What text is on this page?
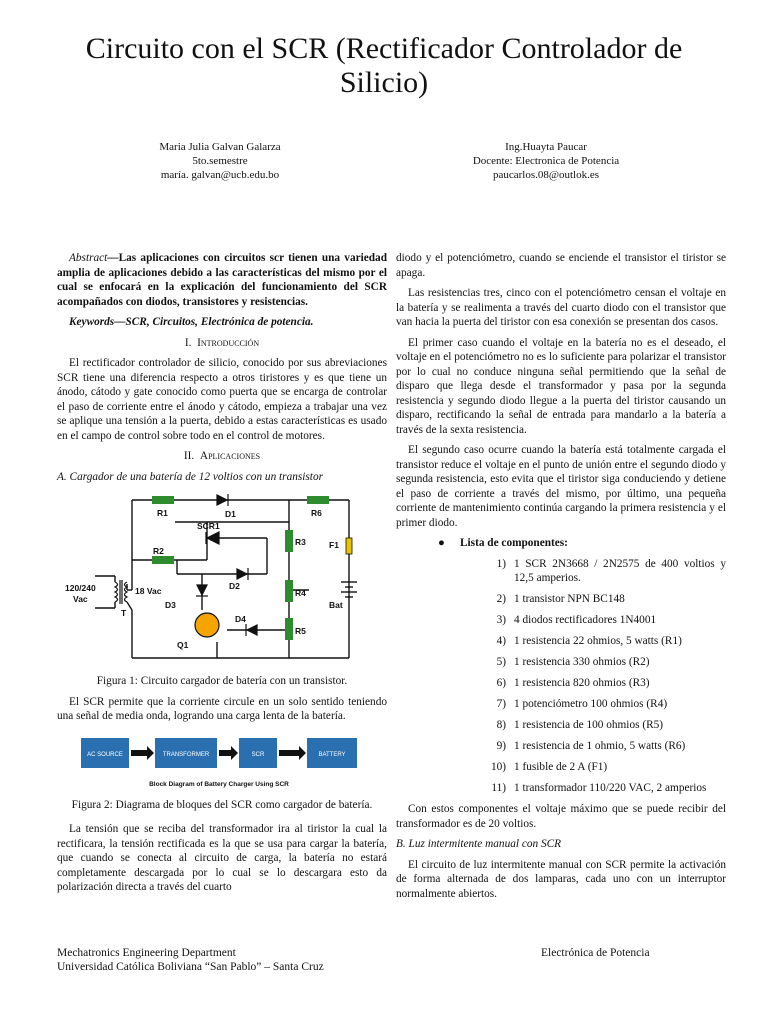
Circuito con el SCR (Rectificador Controlador de Silicio)
Maria Julia Galvan Galarza
5to.semestre
maría. galvan@ucb.edu.bo
Ing.Huayta Paucar
Docente: Electronica de Potencia
paucarlos.08@outlok.es

Abstract—Las aplicaciones con circuitos scr tienen una variedad amplia de aplicaciones debido a las características del mismo por el cual se enfocará en la explicación del funcionamiento del SCR acompañados con diodos, transistores y resistencias.

Keywords—SCR, Circuitos, Electrónica de potencia.

I. Introducción

El rectificador controlador de silicio, conocido por sus abreviaciones SCR tiene una diferencia respecto a otros tiristores y es que tiene un ánodo, cátodo y gate conocido como puerta que se encarga de controlar el paso de corriente entre el ánodo y cátodo, empieza a trabajar una vez se aplique una tensión a la puerta, debido a estas características es usado en el campo de control sobre todo en el control de motores.

II. Aplicaciones

A. Cargador de una batería de 12 voltios con un transistor

R1	D1	R6
SCR1
R3	F1
R2
D2
R4
Bat
D3
D4
Q1
R5
120/240
Vac
18 Vac
T

Figura 1: Circuito cargador de batería con un transistor.

El SCR permite que la corriente circule en un solo sentido teniendo una señal de media onda, logrando una carga lenta de la batería.

AC SOURCE	TRANSFORMER	SCR	BATTERY
Block Diagram of Battery Charger Using SCR

Figura 2: Diagrama de bloques del SCR como cargador de batería.

La tensión que se reciba del transformador ira al tiristor la cual la rectificara, la tensión rectificada es la que se usa para cargar la batería, que cuando se conecta al circuito de carga, la batería no estará completamente descargada por lo cual se lo descargara esto da polarización directa a través del cuarto

diodo y el potenciómetro, cuando se enciende el transistor el tiristor se apaga.

Las resistencias tres, cinco con el potenciómetro censan el voltaje en la batería y se realimenta a través del cuarto diodo con el transistor que van hacia la puerta del tiristor con esa conexión se presentan dos casos.

El primer caso cuando el voltaje en la batería no es el deseado, el voltaje en el potenciómetro no es lo suficiente para polarizar el transistor por lo cual no conduce ninguna señal permitiendo que la señal de disparo que llega desde el transformador y pasa por la segunda resistencia y segundo diodo llegue a la puerta del tiristor causando un disparo, rectificando la señal de entrada para mandarlo a la batería a través de la sexta resistencia.

El segundo caso ocurre cuando la batería está totalmente cargada el transistor reduce el voltaje en el punto de unión entre el segundo diodo y segunda resistencia, esto evita que el tiristor siga conduciendo y detiene el paso de corriente a través del mismo, por último, una pequeña corriente de mantenimiento continúa cargando la primera resistencia y el primer diodo.

● Lista de componentes:

1) 1 SCR 2N3668 / 2N2575 de 400 voltios y 12,5 amperios.
2) 1 transistor NPN BC148
3) 4 diodos rectificadores 1N4001
4) 1 resistencia 22 ohmios, 5 watts (R1)
5) 1 resistencia 330 ohmios (R2)
6) 1 resistencia 820 ohmios (R3)
7) 1 potenciómetro 100 ohmios (R4)
8) 1 resistencia de 100 ohmios (R5)
9) 1 resistencia de 1 ohmio, 5 watts (R6)
10) 1 fusible de 2 A (F1)
11) 1 transformador 110/220 VAC, 2 amperios

Con estos componentes el voltaje máximo que se puede recibir del transformador es de 20 voltios.

B. Luz intermitente manual con SCR

El circuito de luz intermitente manual con SCR permite la activación de forma alternada de dos lamparas, cada uno con un interruptor normalmente abiertos.

Mechatronics Engineering Department
Universidad Católica Boliviana “San Pablo” – Santa Cruz
Electrónica de Potencia
